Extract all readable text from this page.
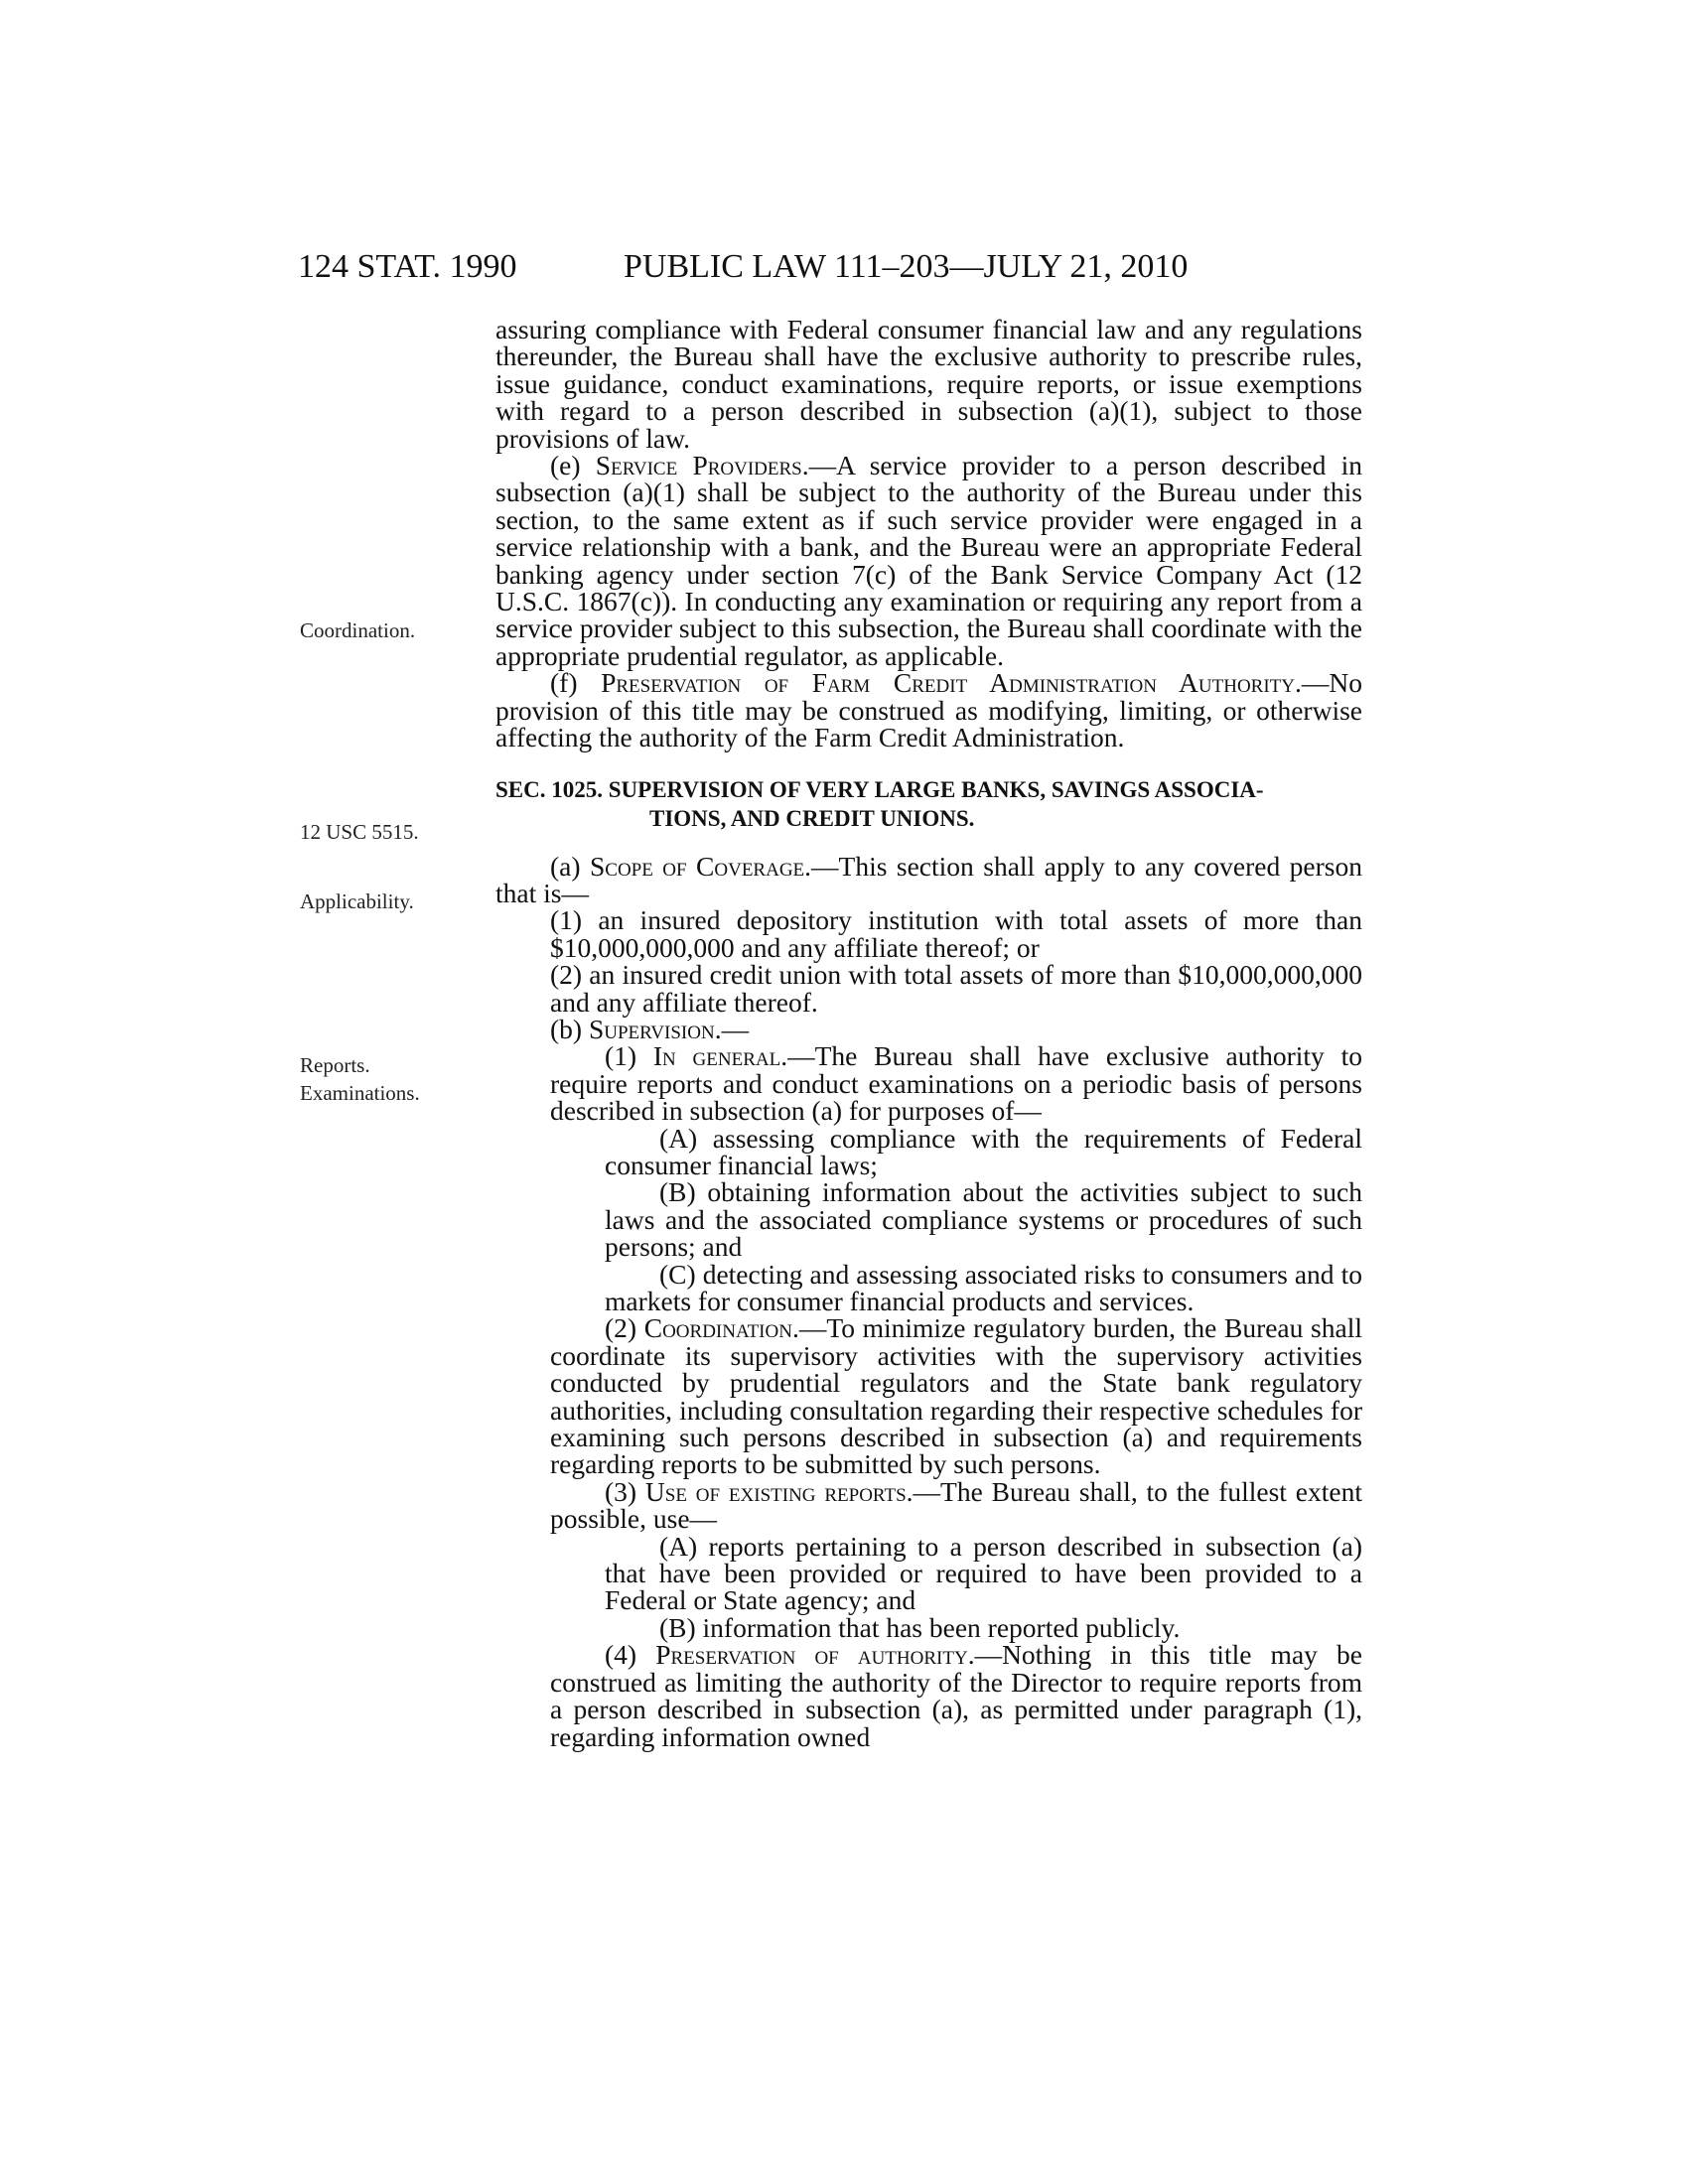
124 STAT. 1990	PUBLIC LAW 111–203—JULY 21, 2010
Coordination.
12 USC 5515.
Applicability.
Reports.
Examinations.
assuring compliance with Federal consumer financial law and any regulations thereunder, the Bureau shall have the exclusive authority to prescribe rules, issue guidance, conduct examinations, require reports, or issue exemptions with regard to a person described in subsection (a)(1), subject to those provisions of law.
(e) Service Providers.—A service provider to a person described in subsection (a)(1) shall be subject to the authority of the Bureau under this section, to the same extent as if such service provider were engaged in a service relationship with a bank, and the Bureau were an appropriate Federal banking agency under section 7(c) of the Bank Service Company Act (12 U.S.C. 1867(c)). In conducting any examination or requiring any report from a service provider subject to this subsection, the Bureau shall coordinate with the appropriate prudential regulator, as applicable.
(f) Preservation of Farm Credit Administration Authority.—No provision of this title may be construed as modifying, limiting, or otherwise affecting the authority of the Farm Credit Administration.
SEC. 1025. SUPERVISION OF VERY LARGE BANKS, SAVINGS ASSOCIA-
TIONS, AND CREDIT UNIONS.
(a) Scope of Coverage.—This section shall apply to any covered person that is—
(1) an insured depository institution with total assets of more than $10,000,000,000 and any affiliate thereof; or
(2) an insured credit union with total assets of more than $10,000,000,000 and any affiliate thereof.
(b) Supervision.—
(1) In general.—The Bureau shall have exclusive authority to require reports and conduct examinations on a periodic basis of persons described in subsection (a) for purposes of—
(A) assessing compliance with the requirements of Federal consumer financial laws;
(B) obtaining information about the activities subject to such laws and the associated compliance systems or procedures of such persons; and
(C) detecting and assessing associated risks to consumers and to markets for consumer financial products and services.
(2) Coordination.—To minimize regulatory burden, the Bureau shall coordinate its supervisory activities with the supervisory activities conducted by prudential regulators and the State bank regulatory authorities, including consultation regarding their respective schedules for examining such persons described in subsection (a) and requirements regarding reports to be submitted by such persons.
(3) Use of existing reports.—The Bureau shall, to the fullest extent possible, use—
(A) reports pertaining to a person described in subsection (a) that have been provided or required to have been provided to a Federal or State agency; and
(B) information that has been reported publicly.
(4) Preservation of authority.—Nothing in this title may be construed as limiting the authority of the Director to require reports from a person described in subsection (a), as permitted under paragraph (1), regarding information owned
